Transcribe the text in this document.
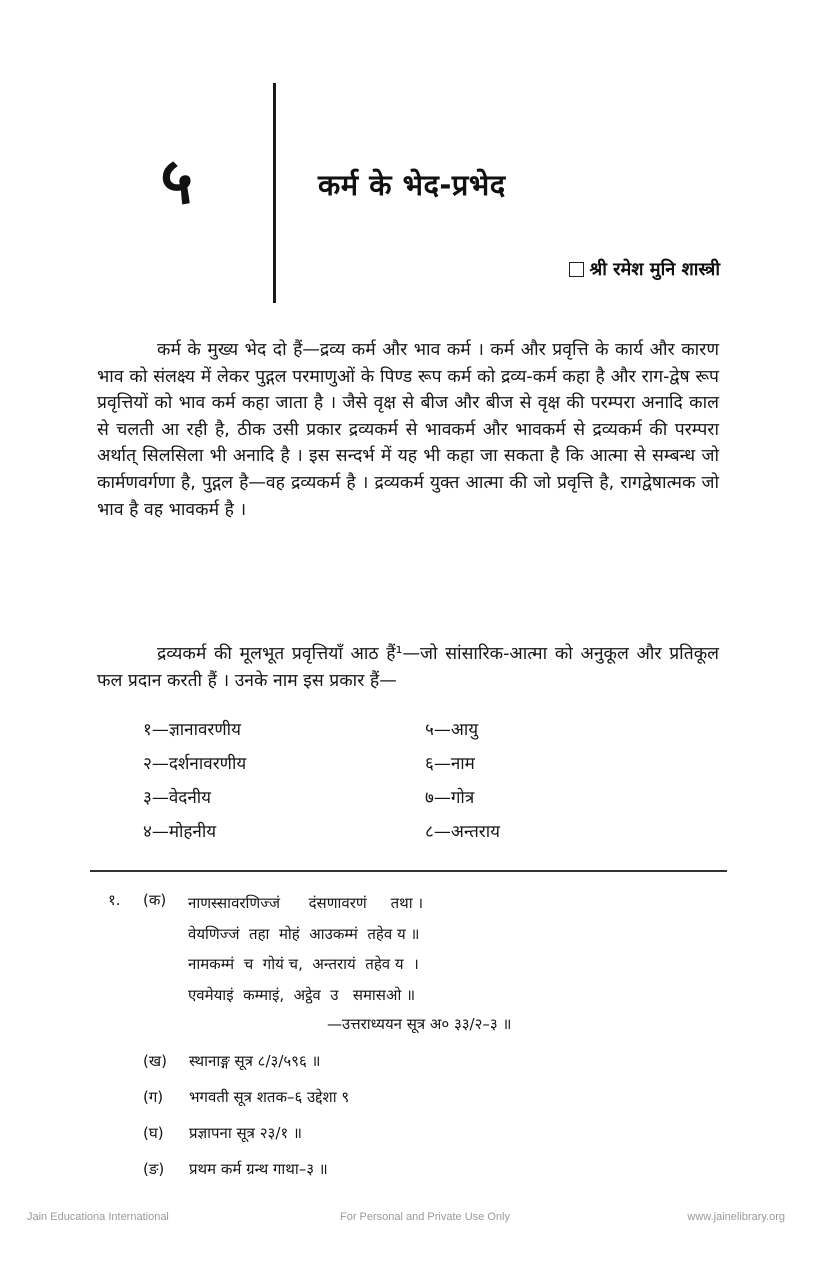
५	कर्म के भेद-प्रभेद
श्री रमेश मुनि शास्त्री

कर्म के मुख्य भेद दो हैं—द्रव्य कर्म और भाव कर्म । कर्म और प्रवृत्ति के कार्य और कारण भाव को संलक्ष्य में लेकर पुद्गल परमाणुओं के पिण्ड रूप कर्म को द्रव्य-कर्म कहा है और राग-द्वेष रूप प्रवृत्तियों को भाव कर्म कहा जाता है । जैसे वृक्ष से बीज और बीज से वृक्ष की परम्परा अनादि काल से चलती आ रही है, ठीक उसी प्रकार द्रव्यकर्म से भावकर्म और भावकर्म से द्रव्यकर्म की परम्परा अर्थात् सिलसिला भी अनादि है । इस सन्दर्भ में यह भी कहा जा सकता है कि आत्मा से सम्बन्ध जो कार्मणवर्गणा है, पुद्गल है—वह द्रव्यकर्म है । द्रव्यकर्म युक्त आत्मा की जो प्रवृत्ति है, रागद्वेषात्मक जो भाव है वह भावकर्म है ।

द्रव्यकर्म की मूलभूत प्रवृत्तियाँ आठ हैं¹—जो सांसारिक-आत्मा को अनुकूल और प्रतिकूल फल प्रदान करती हैं । उनके नाम इस प्रकार हैं—

१—ज्ञानावरणीय	५—आयु
२—दर्शनावरणीय	६—नाम
३—वेदनीय	७—गोत्र
४—मोहनीय	८—अन्तराय
१. (क) नाणस्सावरणिज्जं      दंसणावरणं     तथा ।
वेयणिज्जं  तहा  मोहं  आउकम्मं  तहेव य ॥
नामकम्मं  च  गोयं च,  अन्तरायं  तहेव य  ।
एवमेयाइं  कम्माइं,  अट्ठेव  उ   समासओ ॥
—उत्तराध्ययन सूत्र अ० ३३/२–३ ॥
(ख)	स्थानाङ्ग सूत्र ८/३/५९६ ॥
(ग)	भगवती सूत्र शतक–६ उद्देशा ९
(घ)	प्रज्ञापना सूत्र २३/१ ॥
(ङ)	प्रथम कर्म ग्रन्थ गाथा–३ ॥
Jain Educationa International	For Personal and Private Use Only	www.jainelibrary.org
